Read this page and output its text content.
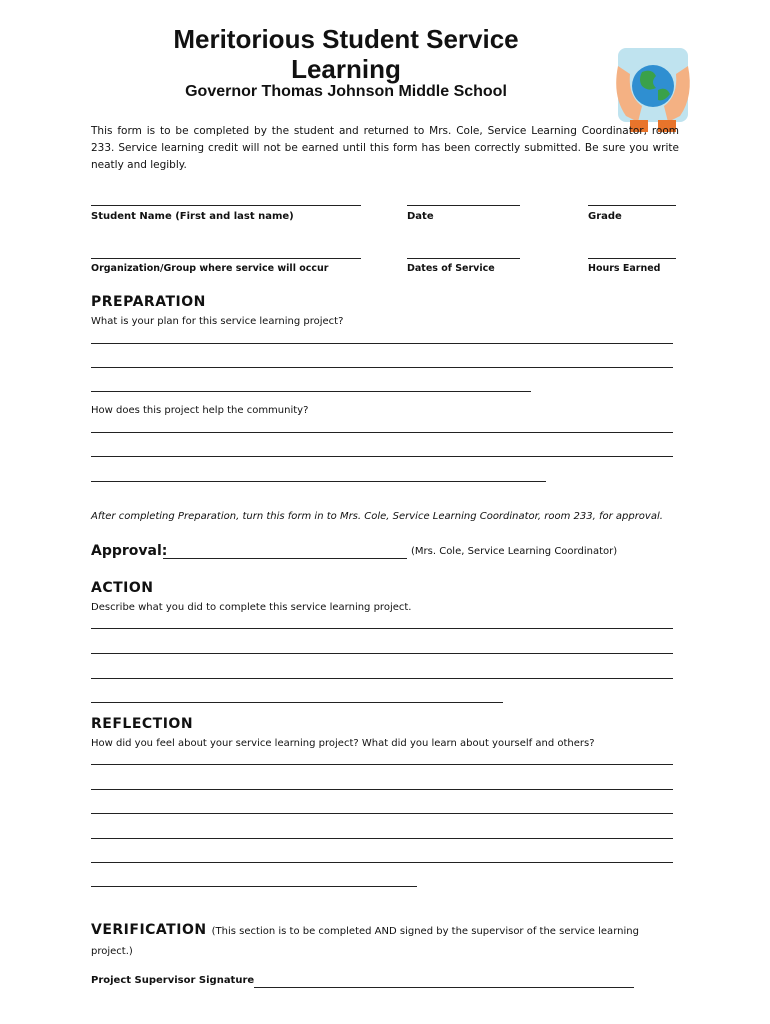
Meritorious Student Service
Learning
Governor Thomas Johnson Middle School
This form is to be completed by the student and returned to Mrs. Cole, Service Learning Coordinator, room 233. Service learning credit will not be earned until this form has been correctly submitted. Be sure you write neatly and legibly.
Student Name (First and last name)	Date	Grade
Organization/Group where service will occur	Dates of Service	Hours Earned
PREPARATION
What is your plan for this service learning project?
How does this project help the community?
After completing Preparation, turn this form in to Mrs. Cole, Service Learning Coordinator, room 233, for approval.
Approval:	(Mrs. Cole, Service Learning Coordinator)
ACTION
Describe what you did to complete this service learning project.
REFLECTION
How did you feel about your service learning project? What did you learn about yourself and others?
VERIFICATION (This section is to be completed AND signed by the supervisor of the service learning project.)
Project Supervisor Signature
